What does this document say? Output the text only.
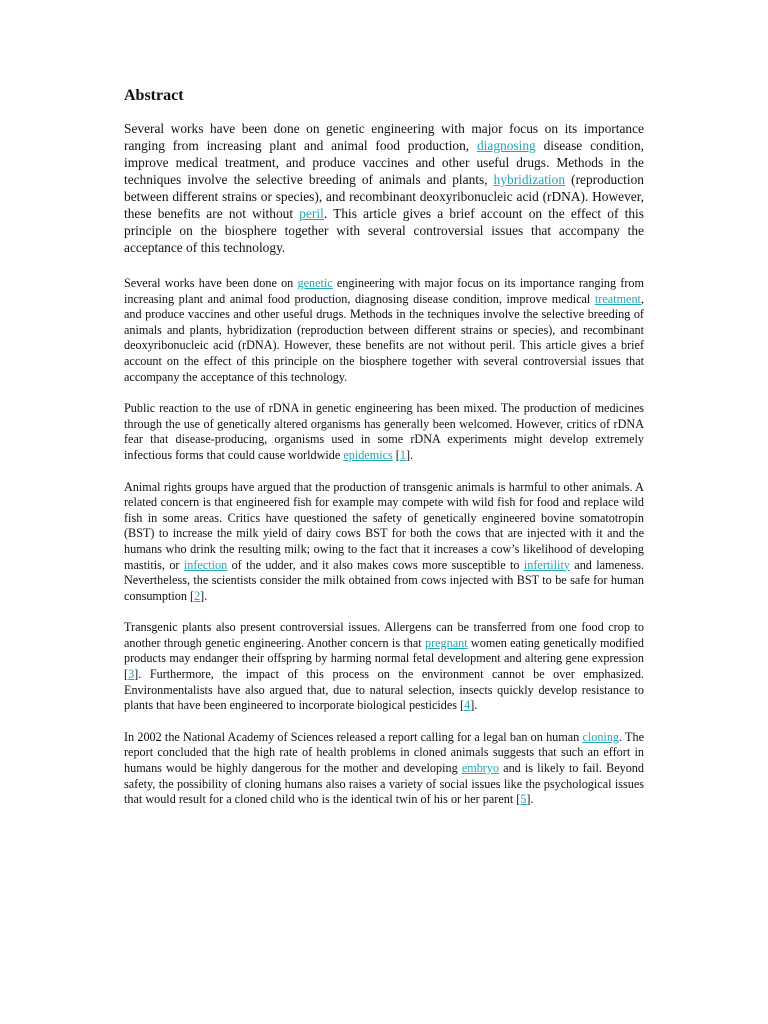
Abstract

Several works have been done on genetic engineering with major focus on its importance ranging from increasing plant and animal food production, diagnosing disease condition, improve medical treatment, and produce vaccines and other useful drugs. Methods in the techniques involve the selective breeding of animals and plants, hybridization (reproduction between different strains or species), and recombinant deoxyribonucleic acid (rDNA). However, these benefits are not without peril. This article gives a brief account on the effect of this principle on the biosphere together with several controversial issues that accompany the acceptance of this technology.

Several works have been done on genetic engineering with major focus on its importance ranging from increasing plant and animal food production, diagnosing disease condition, improve medical treatment, and produce vaccines and other useful drugs. Methods in the techniques involve the selective breeding of animals and plants, hybridization (reproduction between different strains or species), and recombinant deoxyribonucleic acid (rDNA). However, these benefits are not without peril. This article gives a brief account on the effect of this principle on the biosphere together with several controversial issues that accompany the acceptance of this technology.

Public reaction to the use of rDNA in genetic engineering has been mixed. The production of medicines through the use of genetically altered organisms has generally been welcomed. However, critics of rDNA fear that disease-producing, organisms used in some rDNA experiments might develop extremely infectious forms that could cause worldwide epidemics [1].

Animal rights groups have argued that the production of transgenic animals is harmful to other animals. A related concern is that engineered fish for example may compete with wild fish for food and replace wild fish in some areas. Critics have questioned the safety of genetically engineered bovine somatotropin (BST) to increase the milk yield of dairy cows BST for both the cows that are injected with it and the humans who drink the resulting milk; owing to the fact that it increases a cow’s likelihood of developing mastitis, or infection of the udder, and it also makes cows more susceptible to infertility and lameness. Nevertheless, the scientists consider the milk obtained from cows injected with BST to be safe for human consumption [2].

Transgenic plants also present controversial issues. Allergens can be transferred from one food crop to another through genetic engineering. Another concern is that pregnant women eating genetically modified products may endanger their offspring by harming normal fetal development and altering gene expression [3]. Furthermore, the impact of this process on the environment cannot be over emphasized. Environmentalists have also argued that, due to natural selection, insects quickly develop resistance to plants that have been engineered to incorporate biological pesticides [4].

In 2002 the National Academy of Sciences released a report calling for a legal ban on human cloning. The report concluded that the high rate of health problems in cloned animals suggests that such an effort in humans would be highly dangerous for the mother and developing embryo and is likely to fail. Beyond safety, the possibility of cloning humans also raises a variety of social issues like the psychological issues that would result for a cloned child who is the identical twin of his or her parent [5].
